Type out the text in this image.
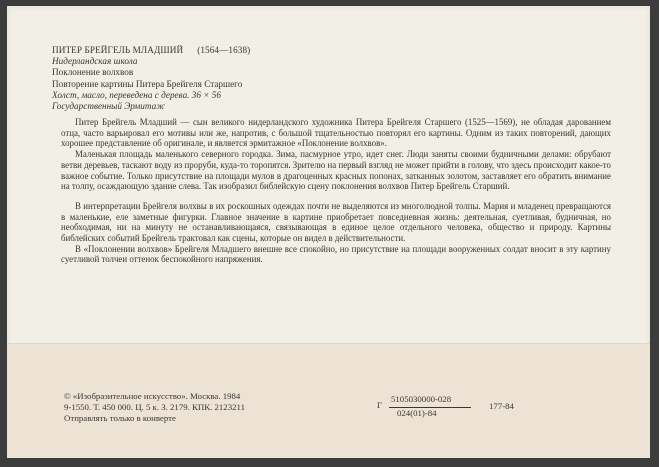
ПИТЕР БРЕЙГЕЛЬ МЛАДШИЙ (1564—1638)
Нидерландская школа
Поклонение волхвов
Повторение картины Питера Брейгеля Старшего
Холст, масло, переведена с дерева. 36 × 56
Государственный Эрмитаж

Питер Брейгель Младший — сын великого нидерландского художника Питера Брейгеля Старшего (1525—1569), не обладая дарованием отца, часто варьировал его мотивы или же, напротив, с большой тщательностью повторял его картины. Одним из таких повторений, дающих хорошее представление об оригинале, и является эрмитажное «Поклонение волхвов».

Маленькая площадь маленького северного городка. Зима, пасмурное утро, идет снег. Люди заняты своими будничными делами: обрубают ветви деревьев, таскают воду из проруби, куда-то торопятся. Зрителю на первый взгляд не может прийти в голову, что здесь происходит какое-то важное событие. Только присутствие на площади мулов в драгоценных красных попонах, затканных золотом, заставляет его обратить внимание на толпу, осаждающую здание слева. Так изобразил библейскую сцену поклонения волхвов Питер Брейгель Старший.

В интерпретации Брейгеля волхвы в их роскошных одеждах почти не выделяются из многолюдной толпы. Мария и младенец превращаются в маленькие, еле заметные фигурки. Главное значение в картине приобретает повседневная жизнь: деятельная, суетливая, будничная, но необходимая, ни на минуту не останавливающаяся, связывающая в единое целое отдельного человека, общество и природу. Картины библейских событий Брейгель трактовал как сцены, которые он видел в действительности.

В «Поклонении волхвов» Брейгеля Младшего внешне все спокойно, но присутствие на площади вооруженных солдат вносит в эту картину суетливой толчеи оттенок беспокойного напряжения.

© «Изобразительное искусство». Москва. 1984
9-1550. Т. 450 000. Ц. 5 к. З. 2179. КПК. 2123211
Отправлять только в конверте
Г
5105030000-028
024(01)-84
177-84
